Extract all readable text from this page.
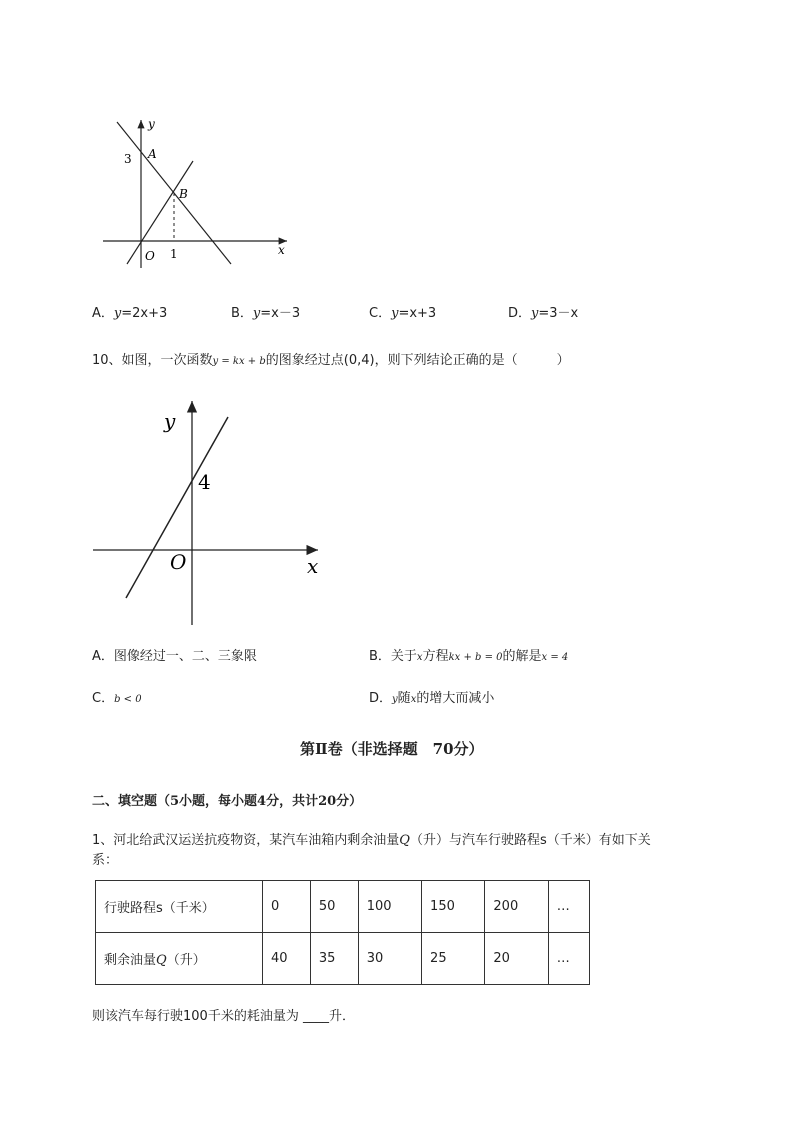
y
x
3
1
A
B
O
A．y=2x+3	B．y=x－3	C．y=x+3	D．y=3－x
10、如图，一次函数y = kx + b的图象经过点(0,4)，则下列结论正确的是（　　　）
y
x
4
O
A．图像经过一、二、三象限	B．关于x方程kx + b = 0的解是x = 4
C．b < 0	D．y随x的增大而减小
第Ⅱ卷（非选择题　70分）
二、填空题（5小题，每小题4分，共计20分）
1、河北给武汉运送抗疫物资，某汽车油箱内剩余油量Q（升）与汽车行驶路程s（千米）有如下关
系：
行驶路程s（千米）	0	50	100	150	200	…
剩余油量Q（升）	40	35	30	25	20	…
则该汽车每行驶100千米的耗油量为 ____升．
